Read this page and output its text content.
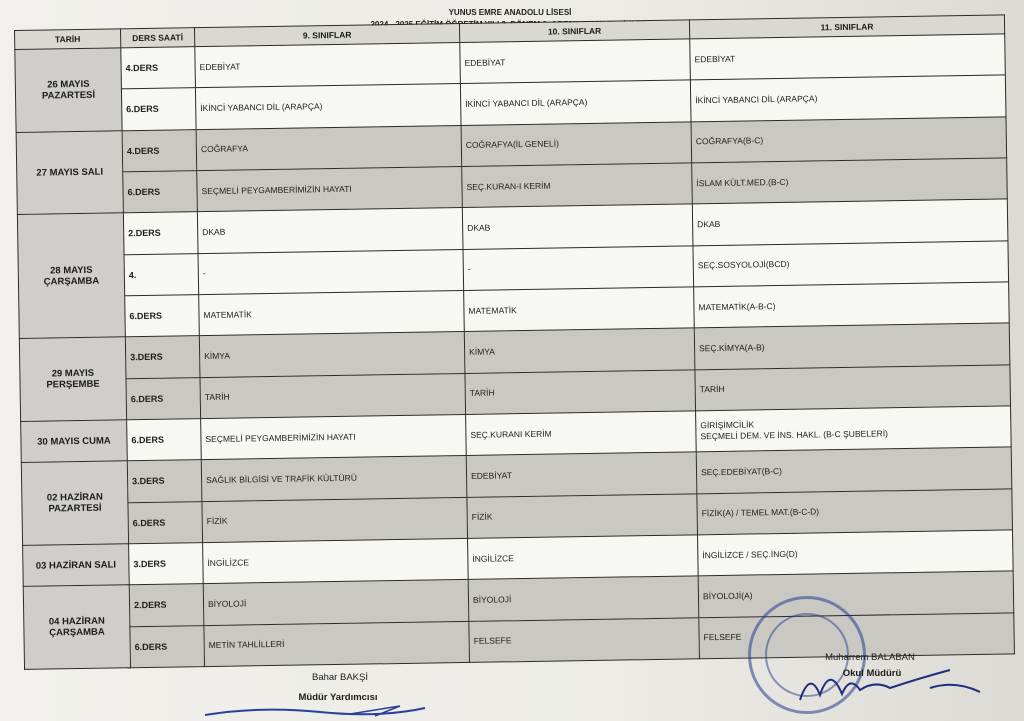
YUNUS EMRE ANADOLU LİSESİ
TARİH	DERS SAATİ	9. SINIFLAR	10. SINIFLAR	11. SINIFLAR
26 MAYIS PAZARTESİ	4.DERS	EDEBİYAT	EDEBİYAT	EDEBİYAT

	6.DERS	İKİNCİ YABANCI DİL (ARAPÇA)	İKİNCİ YABANCI DİL (ARAPÇA)	İKİNCİ YABANCI DİL (ARAPÇA)

27 MAYIS SALI	4.DERS	COĞRAFYA	COĞRAFYA(İL GENELİ)	COĞRAFYA(B-C)

	6.DERS	SEÇMELİ PEYGAMBERİMİZİN HAYATI	SEÇ.KURAN-I KERİM	İSLAM KÜLT.MED.(B-C)

28 MAYIS ÇARŞAMBA	2.DERS	DKAB	DKAB	DKAB

	4.	-	-	SEÇ.SOSYOLOJİ(BCD)

	6.DERS	MATEMATİK	MATEMATİK	MATEMATİK(A-B-C)

29 MAYIS PERŞEMBE	3.DERS	KİMYA	KİMYA	SEÇ.KİMYA(A-B)

	6.DERS	TARİH	TARİH	TARİH

30 MAYIS CUMA	6.DERS	SEÇMELİ PEYGAMBERİMİZİN HAYATI	SEÇ.KURANI KERİM	GİRİŞİMCİLİK
SEÇMELİ DEM. VE İNS. HAKL. (B-C ŞUBELERİ)

02 HAZİRAN PAZARTESİ	3.DERS	SAĞLIK BİLGİSİ VE TRAFİK KÜLTÜRÜ	EDEBİYAT	SEÇ.EDEBİYAT(B-C)

	6.DERS	FİZİK	FİZİK	FİZİK(A) / TEMEL MAT.(B-C-D)

03 HAZİRAN SALI	3.DERS	İNGİLİZCE	İNGİLİZCE	İNGİLİZCE / SEÇ.İNG(D)

04 HAZİRAN ÇARŞAMBA	2.DERS	BİYOLOJİ	BİYOLOJİ	BİYOLOJİ(A)

	6.DERS	METİN TAHLİLLERİ	FELSEFE	FELSEFE
Bahar BAKŞİ
Müdür Yardımcısı
Muharrem BALABAN
Okul Müdürü
